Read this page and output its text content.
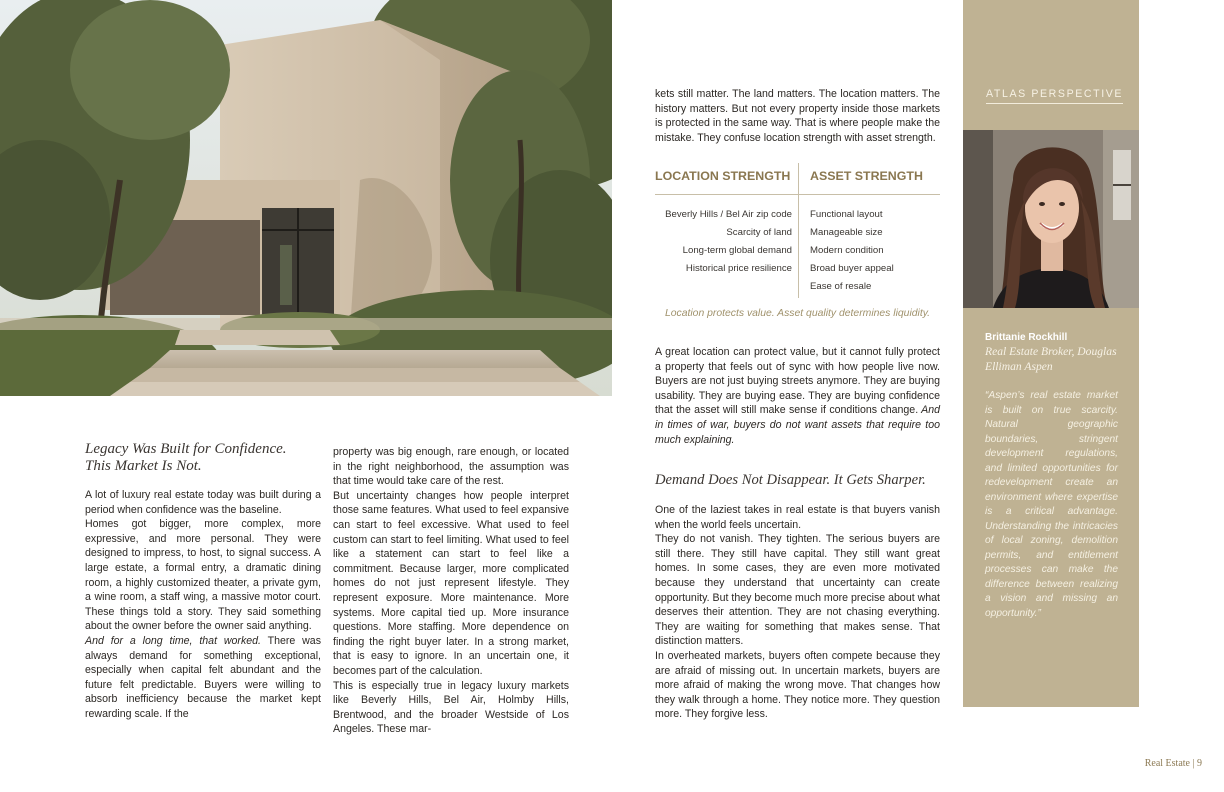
Legacy Was Built for Confidence.
This Market Is Not.

A lot of luxury real estate today was built during a period when confidence was the baseline.

Homes got bigger, more complex, more expressive, and more personal. They were designed to impress, to host, to signal success. A large estate, a formal entry, a dramatic dining room, a highly customized theater, a private gym, a wine room, a staff wing, a massive motor court. These things told a story. They said something about the owner before the owner said anything.

And for a long time, that worked. There was always demand for something exceptional, especially when capital felt abundant and the future felt predictable. Buyers were willing to absorb inefficiency because the market kept rewarding scale. If the

property was big enough, rare enough, or located in the right neighborhood, the assumption was that time would take care of the rest.

But uncertainty changes how people interpret those same features. What used to feel expansive can start to feel excessive. What used to feel custom can start to feel limiting. What used to feel like a statement can start to feel like a commitment. Because larger, more complicated homes do not just represent lifestyle. They represent exposure. More maintenance. More systems. More capital tied up. More insurance questions. More staffing. More dependence on finding the right buyer later. In a strong market, that is easy to ignore. In an uncertain one, it becomes part of the calculation.

This is especially true in legacy luxury markets like Beverly Hills, Bel Air, Holmby Hills, Brentwood, and the broader Westside of Los Angeles. These mar-

kets still matter. The land matters. The location matters. The history matters. But not every property inside those markets is protected in the same way. That is where people make the mistake. They confuse location strength with asset strength.

LOCATION STRENGTH	ASSET STRENGTH
Beverly Hills / Bel Air zip code
Scarcity of land
Long-term global demand
Historical price resilience
Functional layout
Manageable size
Modern condition
Broad buyer appeal
Ease of resale
Location protects value. Asset quality determines liquidity.

A great location can protect value, but it cannot fully protect a property that feels out of sync with how people live now. Buyers are not just buying streets anymore. They are buying usability. They are buying ease. They are buying confidence that the asset will still make sense if conditions change. And in times of war, buyers do not want assets that require too much explaining.

Demand Does Not Disappear. It Gets Sharper.

One of the laziest takes in real estate is that buyers vanish when the world feels uncertain.

They do not vanish. They tighten. The serious buyers are still there. They still have capital. They still want great homes. In some cases, they are even more motivated because they understand that uncertainty can create opportunity. But they become much more precise about what deserves their attention. They are not chasing everything. They are waiting for something that makes sense. That distinction matters.

In overheated markets, buyers often compete because they are afraid of missing out. In uncertain markets, buyers are more afraid of making the wrong move. That changes how they walk through a home. They notice more. They question more. They forgive less.

ATLAS PERSPECTIVE
Brittanie Rockhill
Real Estate Broker, Douglas Elliman Aspen
“Aspen’s real estate market is built on true scarcity. Natural geographic boundaries, stringent development regulations, and limited opportunities for redevelopment create an environment where expertise is a critical advantage. Understanding the intricacies of local zoning, demolition permits, and entitlement processes can make the difference between realizing a vision and missing an opportunity.”
Real Estate | 9
